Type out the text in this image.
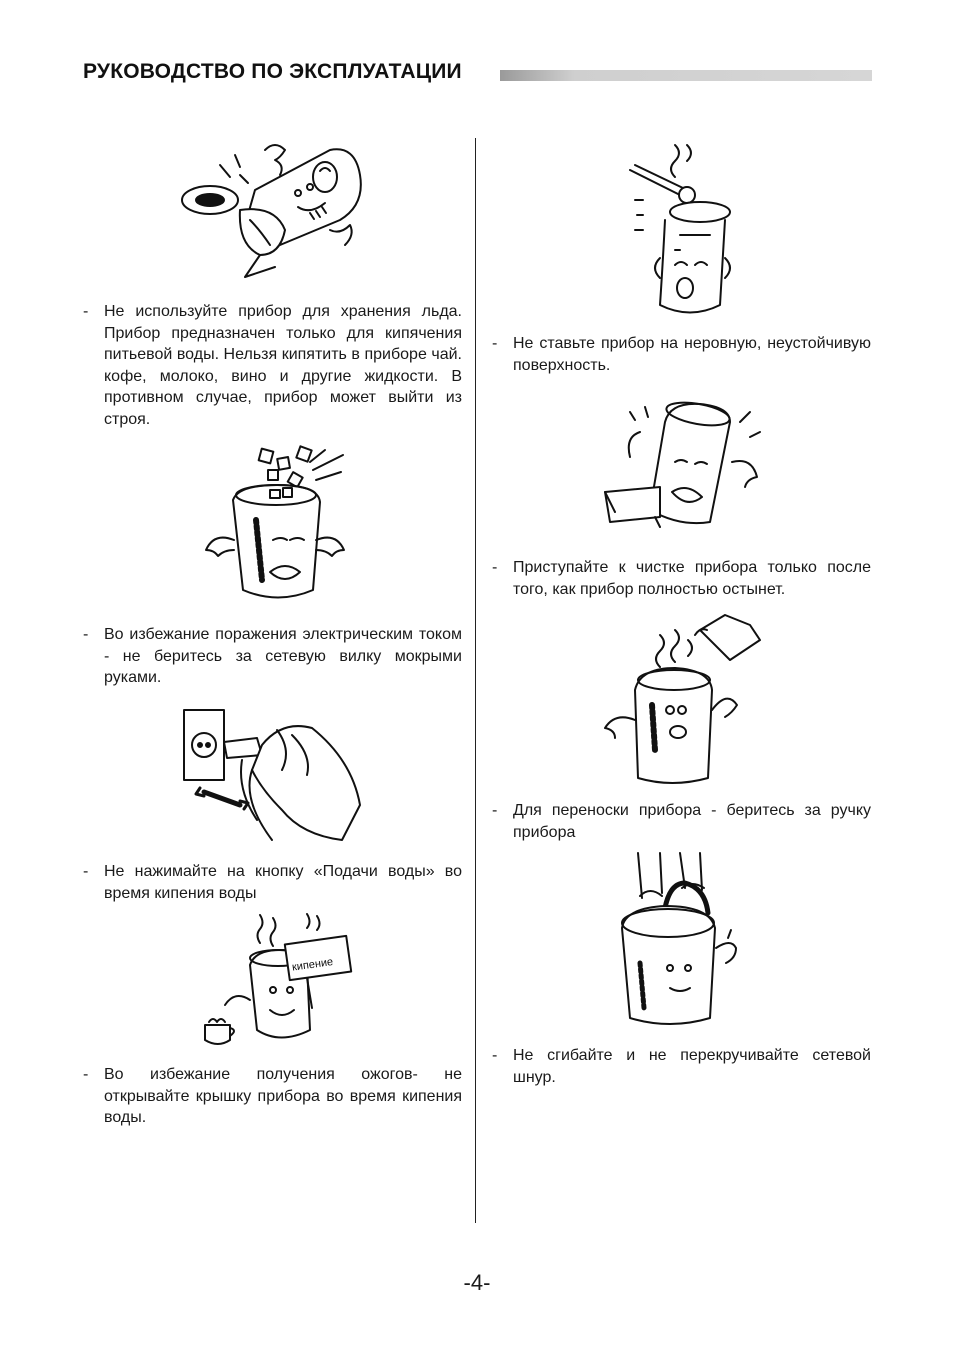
РУКОВОДСТВО ПО ЭКСПЛУАТАЦИИ
- Не используйте прибор для хранения льда. Прибор предназначен только для кипячения питьевой воды. Нельзя кипятить в приборе чай. кофе, молоко, вино и другие жидкости. В противном случае, прибор может выйти из строя.
- Во избежание поражения электрическим током - не беритесь за сетевую вилку мокрыми руками.
- Не нажимайте на кнопку «Подачи воды» во время кипения воды
кипение
- Во избежание получения ожогов- не открывайте крышку прибора во время кипения воды.
- Не ставьте прибор на неровную, неустойчивую поверхность.
- Приступайте к чистке прибора только после того, как прибор полностью остынет.
- Для переноски прибора - беритесь за ручку прибора
- Не сгибайте и не перекручивайте сетевой шнур.
-4-
